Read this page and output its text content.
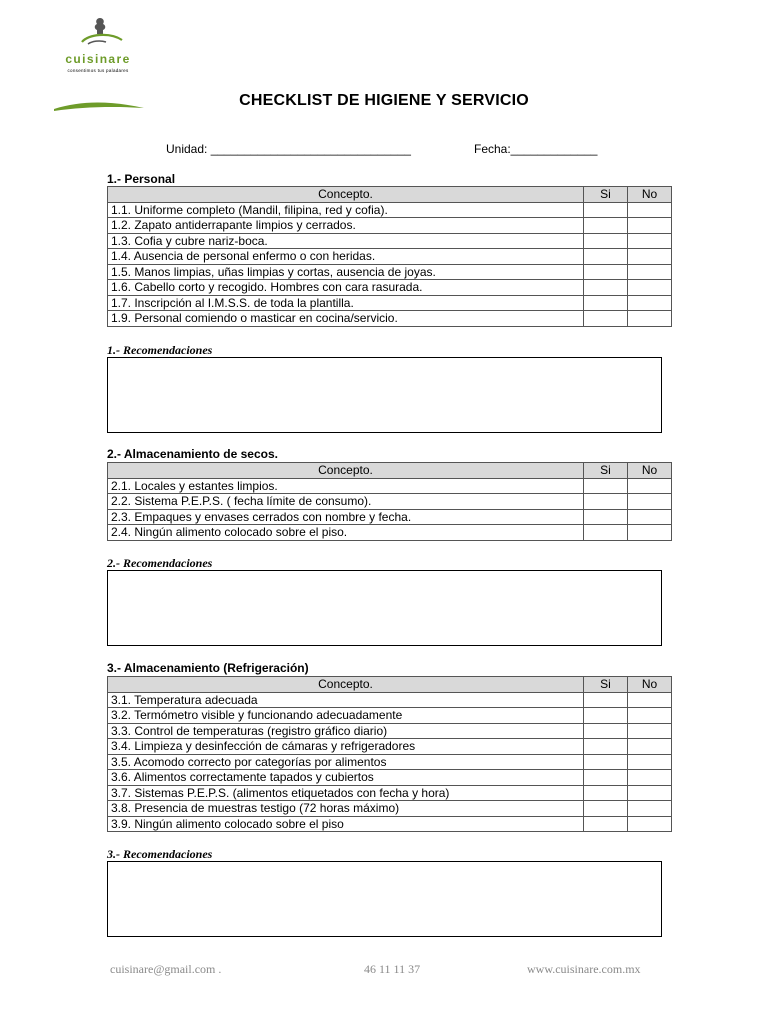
cuisinare
consentimos tus paladares
CHECKLIST DE HIGIENE Y SERVICIO
Unidad: ______________________________	Fecha:_____________
1.- Personal
Concepto.	Si	No
1.1. Uniforme completo (Mandil, filipina, red y cofia).		
1.2. Zapato antiderrapante limpios y cerrados.		
1.3. Cofia y cubre nariz-boca.		
1.4. Ausencia de personal enfermo o con heridas.		
1.5. Manos limpias, uñas limpias y cortas, ausencia de joyas.		
1.6. Cabello corto y recogido. Hombres con cara rasurada.		
1.7. Inscripción al I.M.S.S. de toda la plantilla.		
1.9. Personal comiendo o masticar en cocina/servicio.		
1.- Recomendaciones
2.- Almacenamiento de secos.
Concepto.	Si	No
2.1. Locales y estantes limpios.		
2.2. Sistema P.E.P.S. ( fecha límite de consumo).		
2.3. Empaques y envases cerrados con nombre y fecha.		
2.4. Ningún alimento colocado sobre el piso.		
2.- Recomendaciones
3.- Almacenamiento (Refrigeración)
Concepto.	Si	No
3.1. Temperatura adecuada		
3.2. Termómetro visible y funcionando adecuadamente		
3.3. Control de temperaturas (registro gráfico diario)		
3.4. Limpieza y desinfección de cámaras y refrigeradores		
3.5. Acomodo correcto por categorías por alimentos		
3.6. Alimentos correctamente tapados y cubiertos		
3.7. Sistemas P.E.P.S. (alimentos etiquetados con fecha y hora)		
3.8. Presencia de muestras testigo (72 horas máximo)		
3.9. Ningún alimento colocado sobre el piso		
3.- Recomendaciones
cuisinare@gmail.com .	46 11 11 37	www.cuisinare.com.mx
